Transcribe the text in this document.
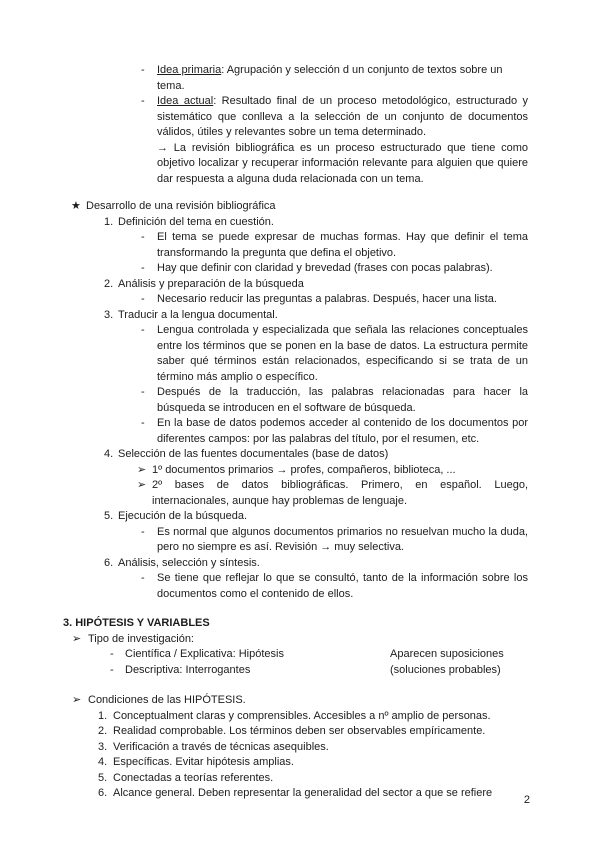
-	Idea primaria: Agrupación y selección d un conjunto de textos sobre un tema.
-	Idea actual: Resultado final de un proceso metodológico, estructurado y sistemático que conlleva a la selección de un conjunto de documentos válidos, útiles y relevantes sobre un tema determinado.
→ La revisión bibliográfica es un proceso estructurado que tiene como objetivo localizar y recuperar información relevante para alguien que quiere dar respuesta a alguna duda relacionada con un tema.
★ Desarrollo de una revisión bibliográfica
1. Definición del tema en cuestión.
-	El tema se puede expresar de muchas formas. Hay que definir el tema transformando la pregunta que defina el objetivo.
-	Hay que definir con claridad y brevedad (frases con pocas palabras).
2. Análisis y preparación de la búsqueda
-	Necesario reducir las preguntas a palabras. Después, hacer una lista.
3. Traducir a la lengua documental.
-	Lengua controlada y especializada que señala las relaciones conceptuales entre los términos que se ponen en la base de datos. La estructura permite saber qué términos están relacionados, especificando si se trata de un término más amplio o específico.
-	Después de la traducción, las palabras relacionadas para hacer la búsqueda se introducen en el software de búsqueda.
-	En la base de datos podemos acceder al contenido de los documentos por diferentes campos: por las palabras del título, por el resumen, etc.
4. Selección de las fuentes documentales (base de datos)
➢ 1º documentos primarios → profes, compañeros, biblioteca, ...
➢ 2º bases de datos bibliográficas. Primero, en español. Luego, internacionales, aunque hay problemas de lenguaje.
5. Ejecución de la búsqueda.
-	Es normal que algunos documentos primarios no resuelvan mucho la duda, pero no siempre es así. Revisión → muy selectiva.
6. Análisis, selección y síntesis.
-	Se tiene que reflejar lo que se consultó, tanto de la información sobre los documentos como el contenido de ellos.
3. HIPÓTESIS Y VARIABLES
➢ Tipo de investigación:
-	Científica / Explicativa: Hipótesis	Aparecen suposiciones
-	Descriptiva: Interrogantes	(soluciones probables)
➢ Condiciones de las HIPÓTESIS.
1. Conceptualment claras y comprensibles. Accesibles a nº amplio de personas.
2. Realidad comprobable. Los términos deben ser observables empíricamente.
3. Verificación a través de técnicas asequibles.
4. Específicas. Evitar hipótesis amplias.
5. Conectadas a teorías referentes.
6. Alcance general. Deben representar la generalidad del sector a que se refiere
2
